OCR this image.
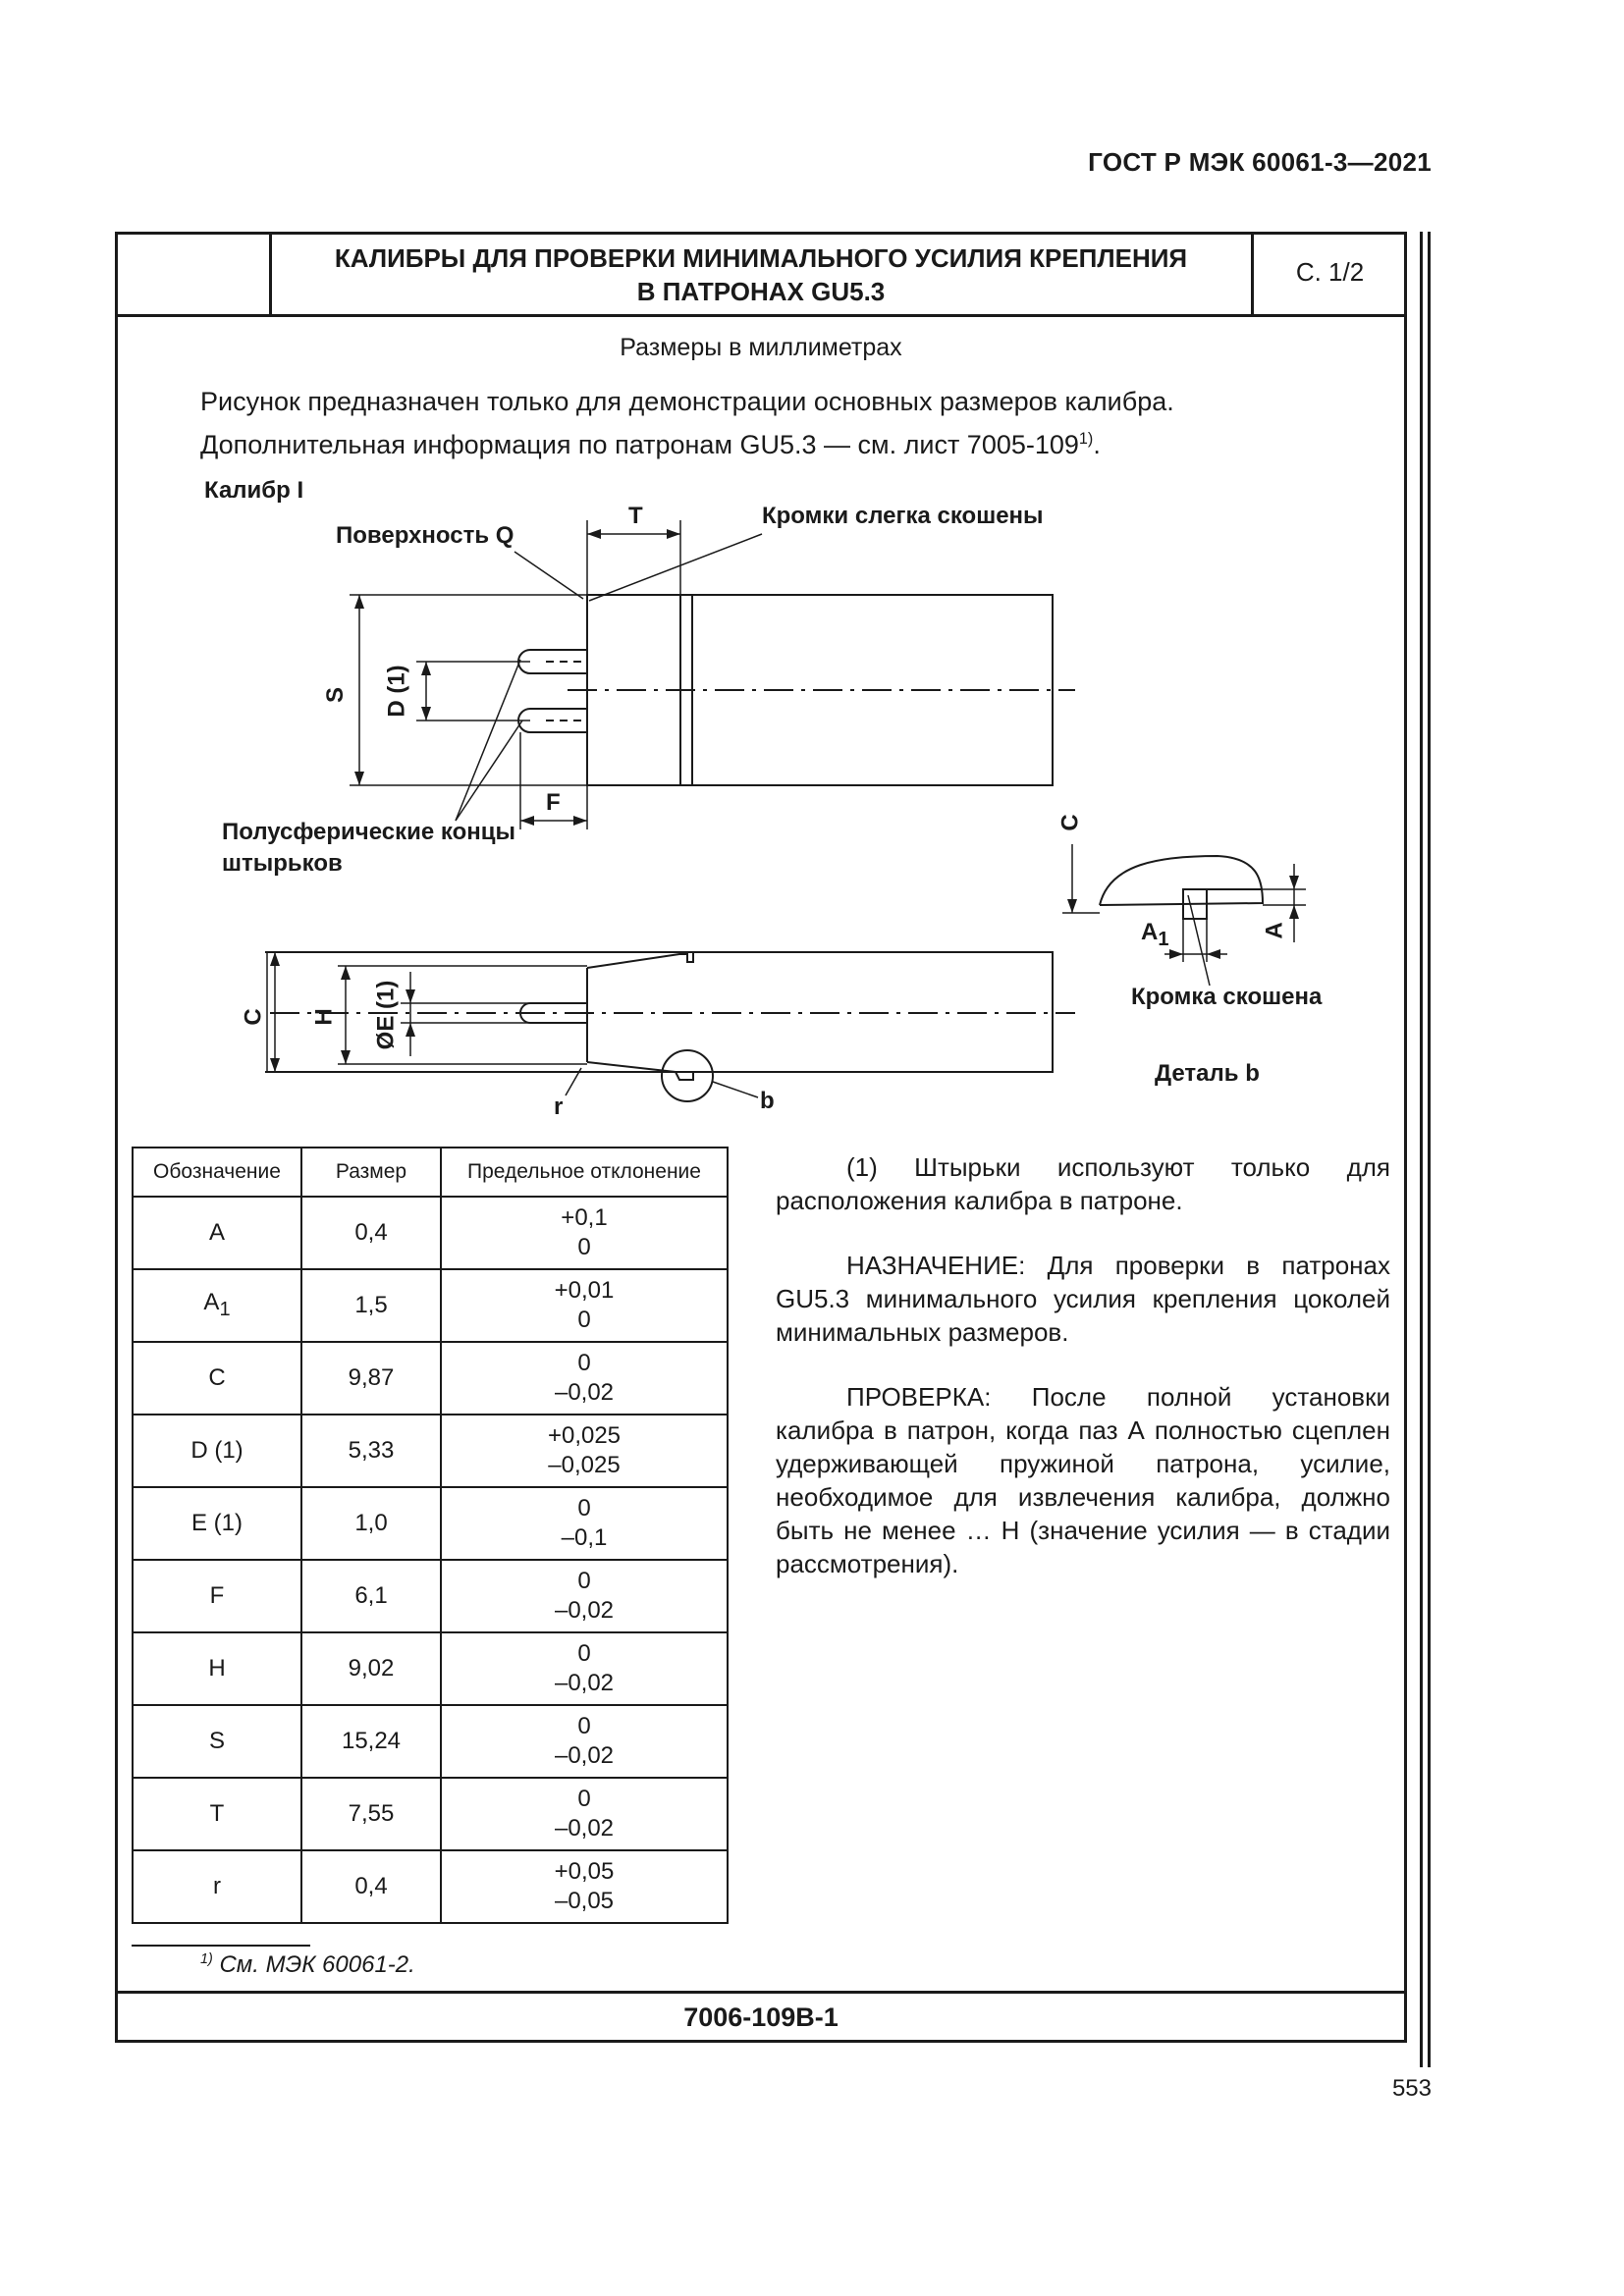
ГОСТ Р МЭК 60061-3—2021
КАЛИБРЫ ДЛЯ ПРОВЕРКИ МИНИМАЛЬНОГО УСИЛИЯ КРЕПЛЕНИЯ
В ПАТРОНАХ GU5.3
С. 1/2
Размеры в миллиметрах
Рисунок предназначен только для демонстрации основных размеров калибра.
Дополнительная информация по патронам GU5.3 — см. лист 7005-109$^{1)}$.
Калибр I
Поверхность Q
Кромки слегка скошены
T
S D (1)
F
Полусферические концы
штырьков
C H ØE (1)
r	b
C
$A_1$	A
Кромка скошена
Деталь b
Обозначение	Размер	Предельное отклонение
A	0,4	+0,1
0

$A_1$	1,5	+0,01
0

C	9,87	0
–0,02

D (1)	5,33	+0,025
–0,025

E (1)	1,0	0
–0,1

F	6,1	0
–0,02

H	9,02	0
–0,02

S	15,24	0
–0,02

T	7,55	0
–0,02

r	0,4	+0,05
–0,05
(1) Штырьки используют только для расположения калибра в патроне.
НАЗНАЧЕНИЕ: Для проверки в патронах GU5.3 минимального усилия крепления цоколей минимальных размеров.
ПРОВЕРКА: После полной установки калибра в патрон, когда паз А полностью сцеплен удерживающей пружиной патрона, усилие, необходимое для извлечения калибра, должно быть не менее … Н (значение усилия — в стадии рассмотрения).
$^{1)}$ См. МЭК 60061-2.
7006-109B-1
553
